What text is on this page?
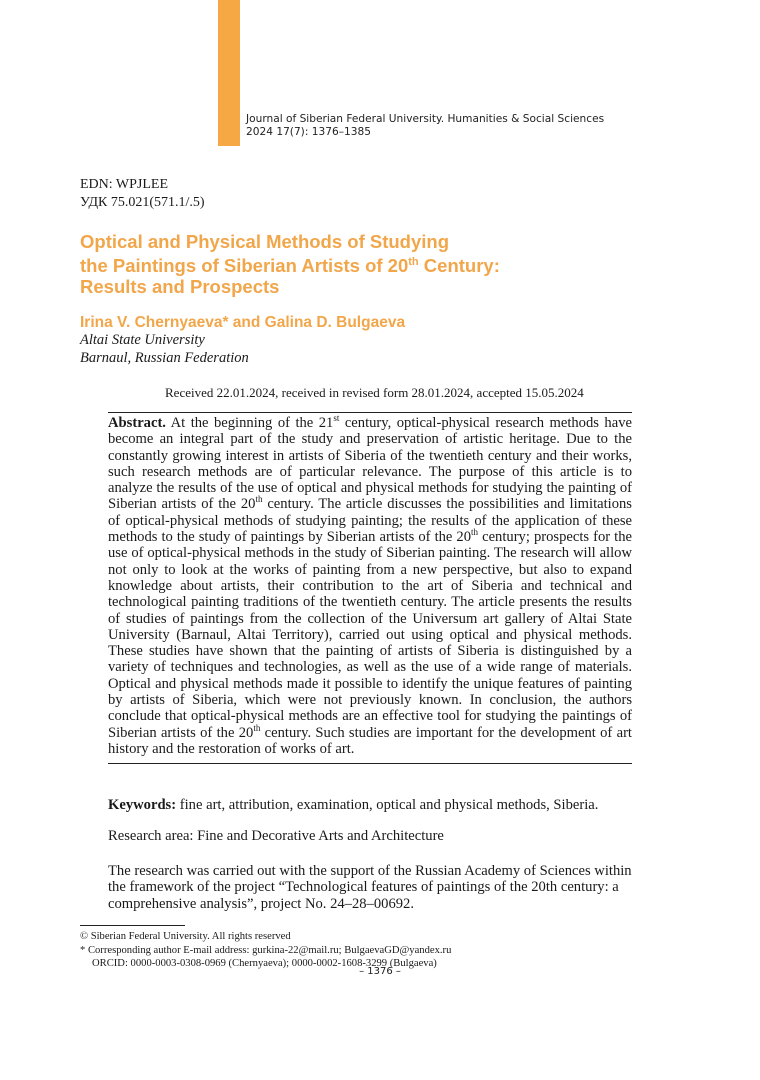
Journal of Siberian Federal University. Humanities & Social Sciences
2024 17(7): 1376–1385
EDN: WPJLEE
УДК 75.021(571.1/.5)
Optical and Physical Methods of Studying
the Paintings of Siberian Artists of 20th Century:
Results and Prospects
Irina V. Chernyaeva* and Galina D. Bulgaeva
Altai State University
Barnaul, Russian Federation
Received 22.01.2024, received in revised form 28.01.2024, accepted 15.05.2024
Abstract. At the beginning of the 21st century, optical-physical research methods have become an integral part of the study and preservation of artistic heritage. Due to the constantly growing interest in artists of Siberia of the twentieth century and their works, such research methods are of particular relevance. The purpose of this article is to analyze the results of the use of optical and physical methods for studying the painting of Siberian artists of the 20th century. The article discusses the possibilities and limitations of optical-physical methods of studying painting; the results of the application of these methods to the study of paintings by Siberian artists of the 20th century; prospects for the use of optical-physical methods in the study of Siberian painting. The research will allow not only to look at the works of painting from a new perspective, but also to expand knowledge about artists, their contribution to the art of Siberia and technical and technological painting traditions of the twentieth century. The article presents the results of studies of paintings from the collection of the Universum art gallery of Altai State University (Barnaul, Altai Territory), carried out using optical and physical methods. These studies have shown that the painting of artists of Siberia is distinguished by a variety of techniques and technologies, as well as the use of a wide range of materials. Optical and physical methods made it possible to identify the unique features of painting by artists of Siberia, which were not previously known. In conclusion, the authors conclude that optical-physical methods are an effective tool for studying the paintings of Siberian artists of the 20th century. Such studies are important for the development of art history and the restoration of works of art.
Keywords: fine art, attribution, examination, optical and physical methods, Siberia.
Research area: Fine and Decorative Arts and Architecture
The research was carried out with the support of the Russian Academy of Sciences within the framework of the project “Technological features of paintings of the 20th century: a comprehensive analysis”, project No. 24–28–00692.
© Siberian Federal University. All rights reserved
* Corresponding author E-mail address: gurkina-22@mail.ru; BulgaevaGD@yandex.ru
ORCID: 0000-0003-0308-0969 (Chernyaeva); 0000-0002-1608-3299 (Bulgaeva)
– 1376 –
